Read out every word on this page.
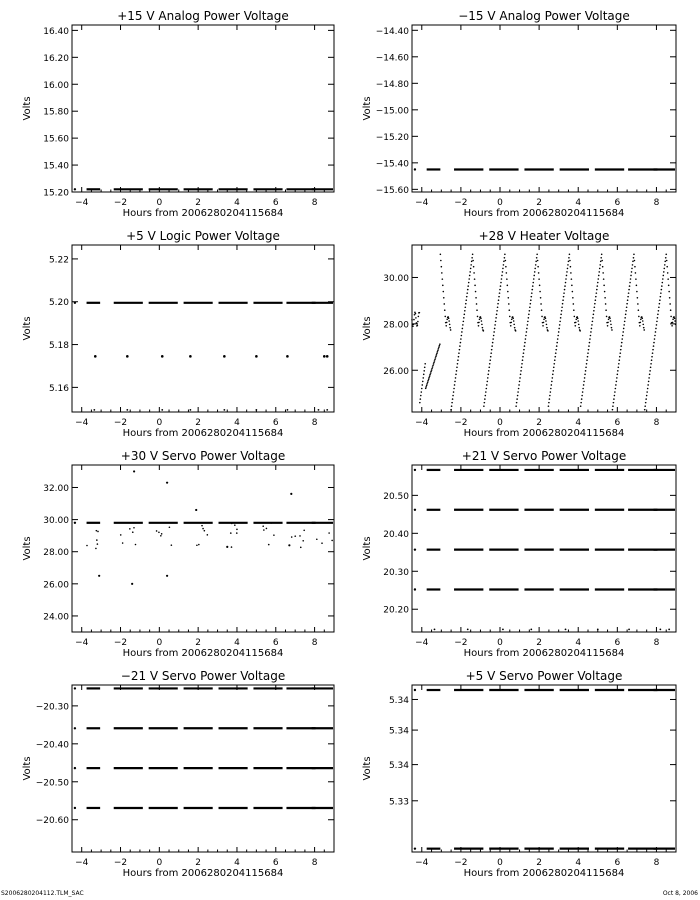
+15 V Analog Power Voltage
Hours from 2006280204115684
Volts
−4	−2	0	2	4	6	8
15.20
15.40
15.60
15.80
16.00
16.20
16.40
−15 V Analog Power Voltage
Hours from 2006280204115684
Volts
−4	−2	0	2	4	6	8
−14.40
−14.60
−14.80
−15.00
−15.20
−15.40
−15.60
+5 V Logic Power Voltage
Hours from 2006280204115684
Volts
−4	−2	0	2	4	6	8
5.16
5.18
5.20
5.22
+28 V Heater Voltage
Hours from 2006280204115684
Volts
−4	−2	0	2	4	6	8
26.00
28.00
30.00
+30 V Servo Power Voltage
Hours from 2006280204115684
Volts
−4	−2	0	2	4	6	8
24.00
26.00
28.00
30.00
32.00
+21 V Servo Power Voltage
Hours from 2006280204115684
Volts
−4	−2	0	2	4	6	8
20.20
20.30
20.40
20.50
−21 V Servo Power Voltage
Hours from 2006280204115684
Volts
−4	−2	0	2	4	6	8
−20.30
−20.40
−20.50
−20.60
+5 V Servo Power Voltage
Hours from 2006280204115684
Volts
−4	−2	0	2	4	6	8
5.33
5.34
5.34
5.34
S2006280204112.TLM_SAC	Oct 8, 2006
